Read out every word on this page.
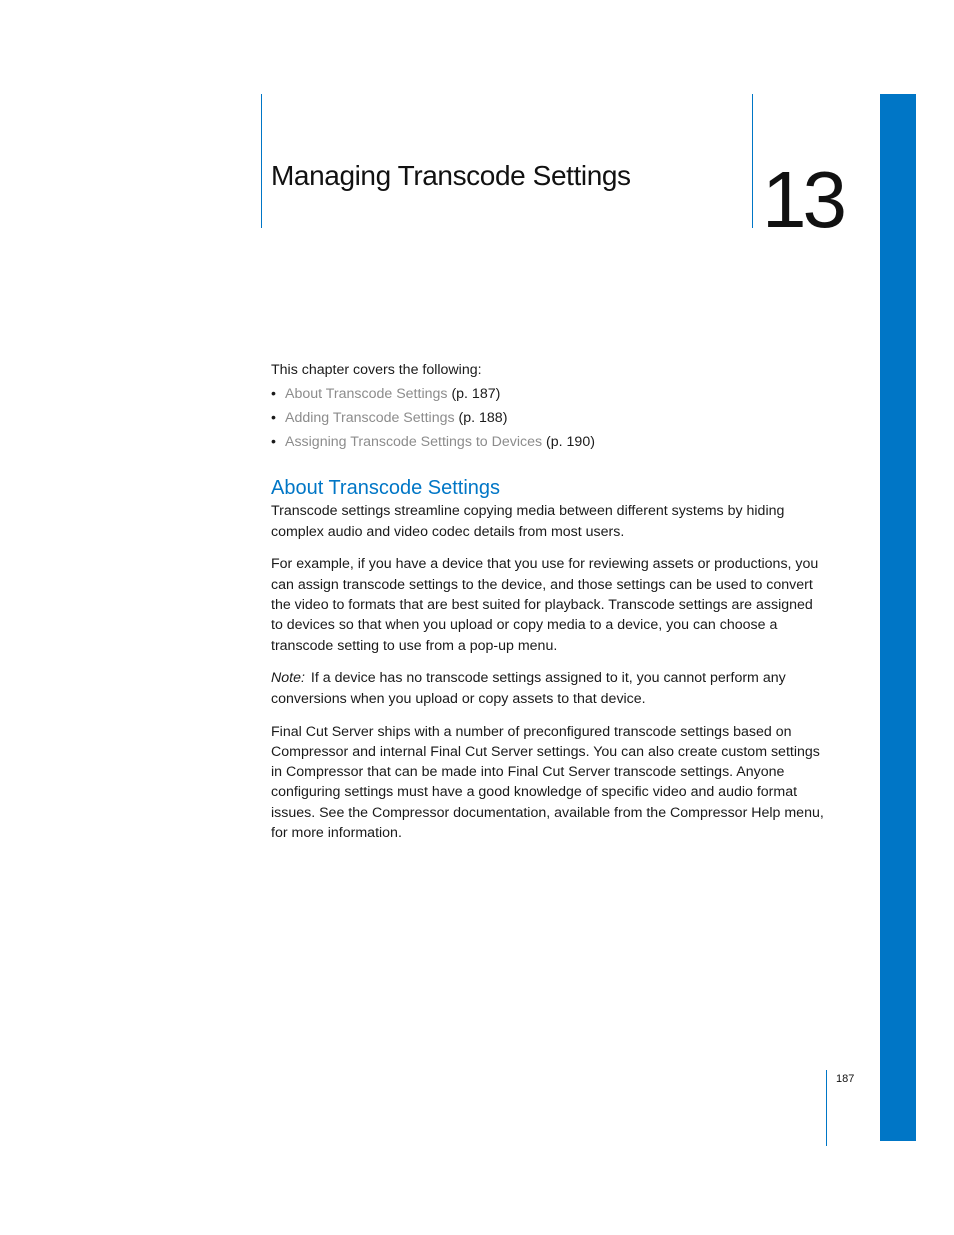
Managing Transcode Settings 13

This chapter covers the following:

• About Transcode Settings (p. 187)
• Adding Transcode Settings (p. 188)
• Assigning Transcode Settings to Devices (p. 190)
About Transcode Settings

Transcode settings streamline copying media between different systems by hiding complex audio and video codec details from most users.

For example, if you have a device that you use for reviewing assets or productions, you can assign transcode settings to the device, and those settings can be used to convert the video to formats that are best suited for playback. Transcode settings are assigned to devices so that when you upload or copy media to a device, you can choose a transcode setting to use from a pop-up menu.

Note: If a device has no transcode settings assigned to it, you cannot perform any conversions when you upload or copy assets to that device.

Final Cut Server ships with a number of preconfigured transcode settings based on Compressor and internal Final Cut Server settings. You can also create custom settings in Compressor that can be made into Final Cut Server transcode settings. Anyone configuring settings must have a good knowledge of specific video and audio format issues. See the Compressor documentation, available from the Compressor Help menu, for more information.

187
